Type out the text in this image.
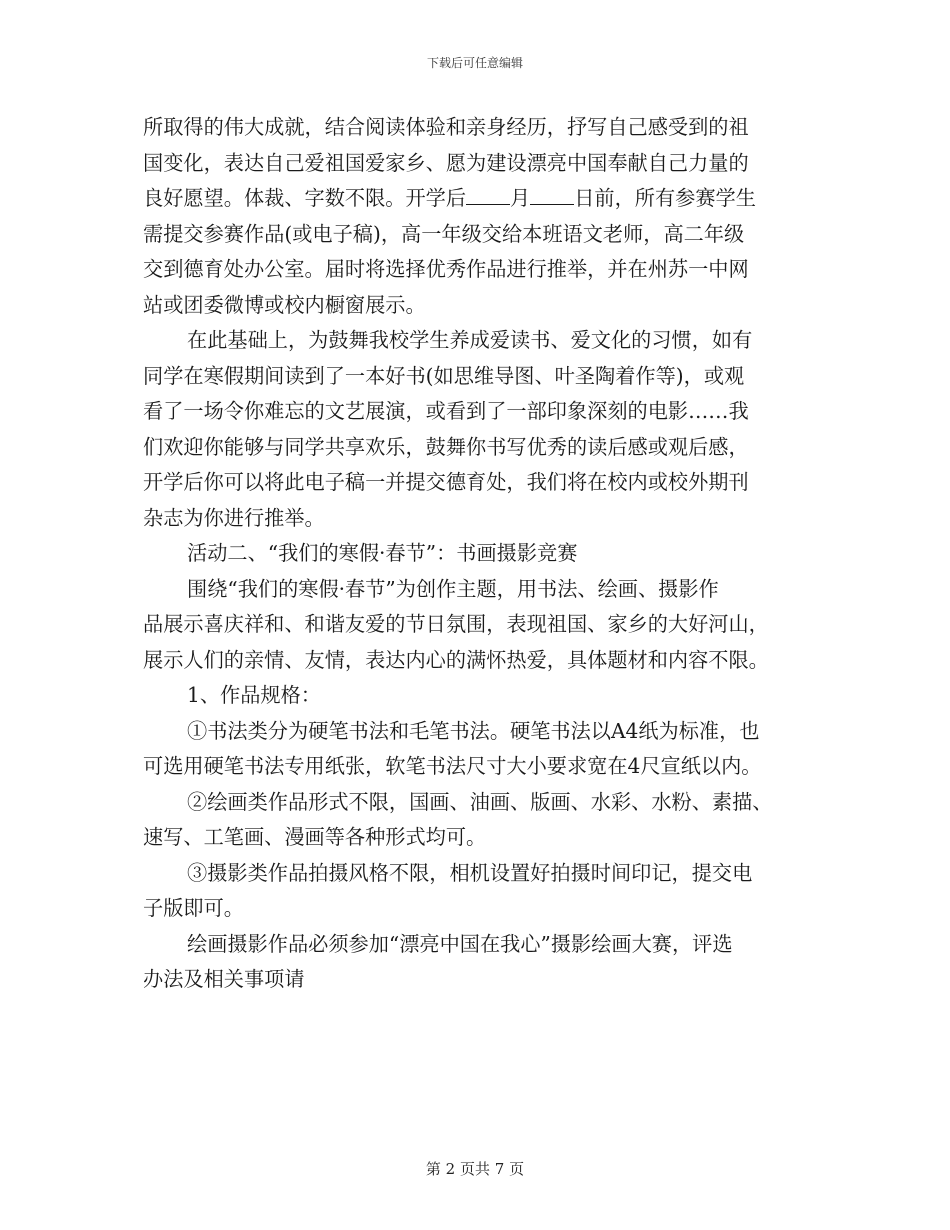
下载后可任意编辑
所取得的伟大成就，结合阅读体验和亲身经历，抒写自己感受到的祖
国变化，表达自己爱祖国爱家乡、愿为建设漂亮中国奉献自己力量的
良好愿望。体裁、字数不限。开学后 月 日前，所有参赛学生
需提交参赛作品(或电子稿)，高一年级交给本班语文老师，高二年级
交到德育处办公室。届时将选择优秀作品进行推举，并在州苏一中网
站或团委微博或校内橱窗展示。
在此基础上，为鼓舞我校学生养成爱读书、爱文化的习惯，如有
同学在寒假期间读到了一本好书(如思维导图、叶圣陶着作等)，或观
看了一场令你难忘的文艺展演，或看到了一部印象深刻的电影……我
们欢迎你能够与同学共享欢乐，鼓舞你书写优秀的读后感或观后感，
开学后你可以将此电子稿一并提交德育处，我们将在校内或校外期刊
杂志为你进行推举。
活动二、“我们的寒假·春节”：书画摄影竞赛
围绕“我们的寒假·春节”为创作主题，用书法、绘画、摄影作
品展示喜庆祥和、和谐友爱的节日氛围，表现祖国、家乡的大好河山，
展示人们的亲情、友情，表达内心的满怀热爱，具体题材和内容不限。
1、作品规格：
①书法类分为硬笔书法和毛笔书法。硬笔书法以A4纸为标准，也
可选用硬笔书法专用纸张，软笔书法尺寸大小要求宽在4尺宣纸以内。
②绘画类作品形式不限，国画、油画、版画、水彩、水粉、素描、
速写、工笔画、漫画等各种形式均可。
③摄影类作品拍摄风格不限，相机设置好拍摄时间印记，提交电
子版即可。
绘画摄影作品必须参加“漂亮中国在我心”摄影绘画大赛，评选
办法及相关事项请
第 2 页共 7 页
